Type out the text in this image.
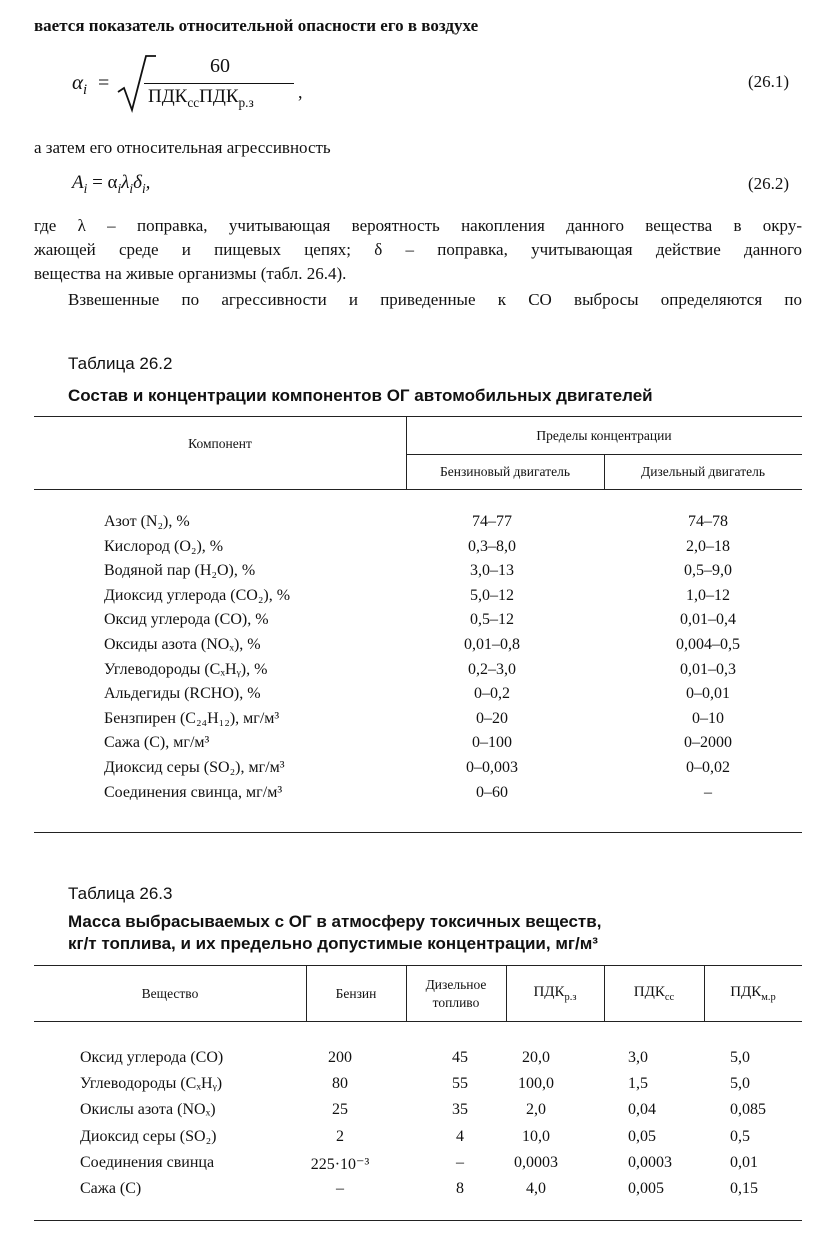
вается показатель относительной опасности его в воздухе
$\alpha_i$ =
60
$ПДК_{сс}ПДК_{р.з}$
,
(26.1)
а затем его относительная агрессивность
$A_i = \alpha_i\lambda_i\delta_i$,	(26.2)
где λ – поправка, учитывающая вероятность накопления данного вещества в окру-
жающей среде и пищевых цепях; δ – поправка, учитывающая действие данного
вещества на живые организмы (табл. 26.4).
Взвешенные по агрессивности и приведенные к СО выбросы определяются по
Таблица 26.2
Состав и концентрации компонентов ОГ автомобильных двигателей
Компонент
Пределы концентрации
Бензиновый двигатель	Дизельный двигатель
Азот (N₂), %	74–77	74–78
Кислород (O₂), %	0,3–8,0	2,0–18
Водяной пар (H₂O), %	3,0–13	0,5–9,0
Диоксид углерода (CO₂), %	5,0–12	1,0–12
Оксид углерода (CO), %	0,5–12	0,01–0,4
Оксиды азота (NOₓ), %	0,01–0,8	0,004–0,5
Углеводороды (CₓHᵧ), %	0,2–3,0	0,01–0,3
Альдегиды (RCHO), %	0–0,2	0–0,01
Бензпирен (C₂₄H₁₂), мг/м³	0–20	0–10
Сажа (С), мг/м³	0–100	0–2000
Диоксид серы (SO₂), мг/м³	0–0,003	0–0,02
Соединения свинца, мг/м³	0–60	–
Таблица 26.3
Масса выбрасываемых с ОГ в атмосферу токсичных веществ,
кг/т топлива, и их предельно допустимые концентрации, мг/м³
Вещество	Бензин
Дизельное
топливо
$ПДК_{р.з}$	$ПДК_{сс}$	$ПДК_{м.р}$
Оксид углерода (СО)	200	45	20,0	3,0	5,0
Углеводороды (CₓHᵧ)	80	55	100,0	1,5	5,0
Окислы азота (NOₓ)	25	35	2,0	0,04	0,085
Диоксид серы (SO₂)	2	4	10,0	0,05	0,5
Соединения свинца	225·10⁻³	–	0,0003	0,0003	0,01
Сажа (С)	–	8	4,0	0,005	0,15
